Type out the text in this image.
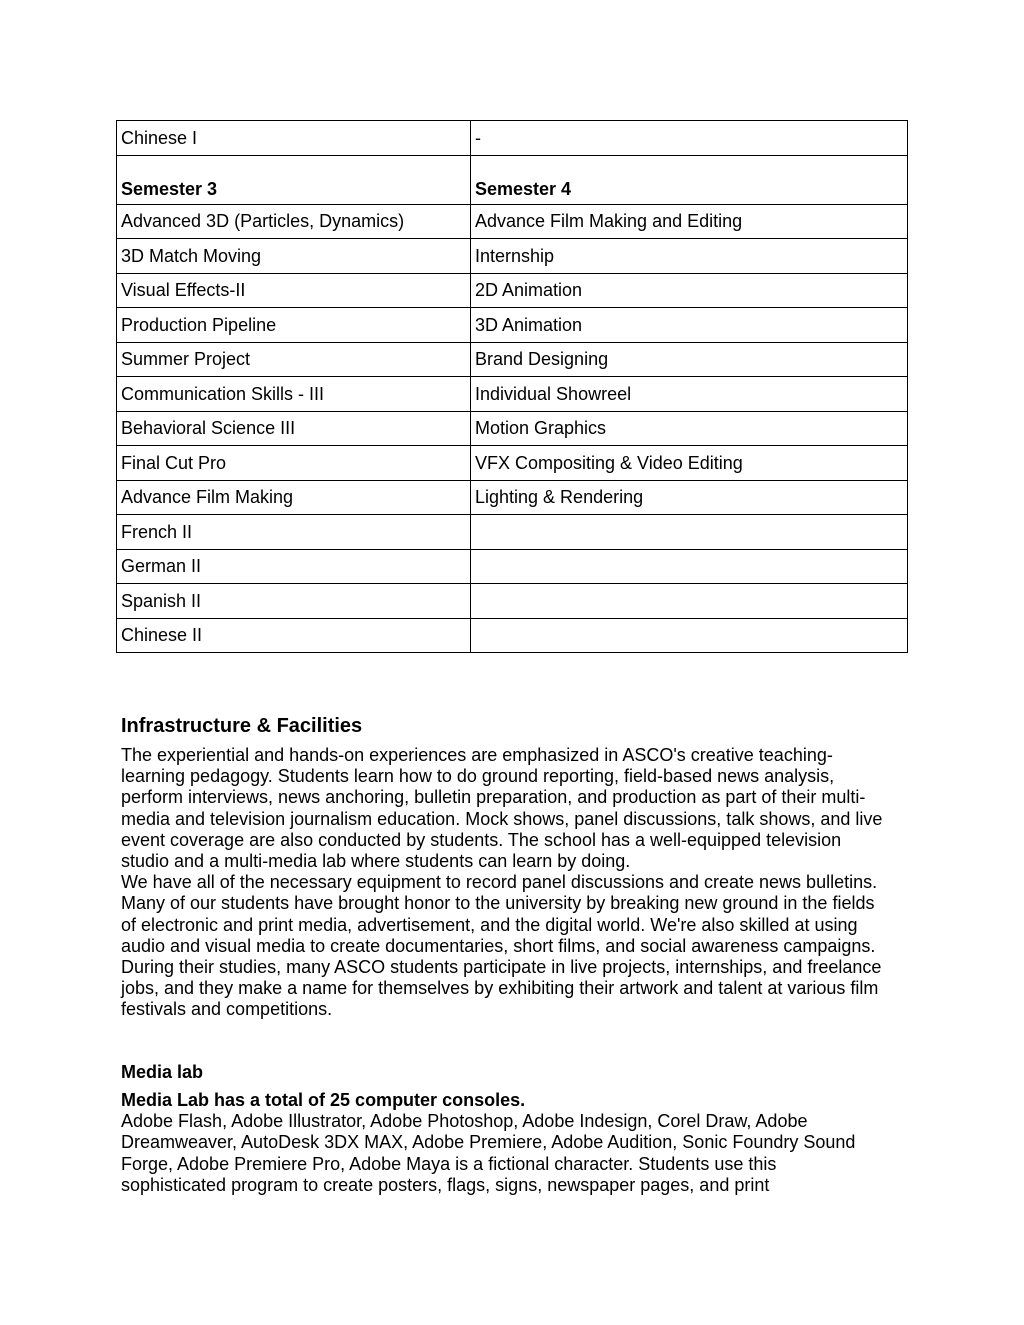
Chinese I	-
Semester 3	Semester 4
Advanced 3D (Particles, Dynamics)	Advance Film Making and Editing
3D Match Moving	Internship
Visual Effects-II	2D Animation
Production Pipeline	3D Animation
Summer Project	Brand Designing
Communication Skills - III	Individual Showreel
Behavioral Science III	Motion Graphics
Final Cut Pro	VFX Compositing & Video Editing
Advance Film Making	Lighting & Rendering
French II	
German II	
Spanish II	
Chinese II	
Infrastructure & Facilities
The experiential and hands-on experiences are emphasized in ASCO's creative teaching-
learning pedagogy. Students learn how to do ground reporting, field-based news analysis,
perform interviews, news anchoring, bulletin preparation, and production as part of their multi-
media and television journalism education. Mock shows, panel discussions, talk shows, and live
event coverage are also conducted by students. The school has a well-equipped television
studio and a multi-media lab where students can learn by doing.
We have all of the necessary equipment to record panel discussions and create news bulletins.
Many of our students have brought honor to the university by breaking new ground in the fields
of electronic and print media, advertisement, and the digital world. We're also skilled at using
audio and visual media to create documentaries, short films, and social awareness campaigns.
During their studies, many ASCO students participate in live projects, internships, and freelance
jobs, and they make a name for themselves by exhibiting their artwork and talent at various film
festivals and competitions.
Media lab
Media Lab has a total of 25 computer consoles.
Adobe Flash, Adobe Illustrator, Adobe Photoshop, Adobe Indesign, Corel Draw, Adobe
Dreamweaver, AutoDesk 3DX MAX, Adobe Premiere, Adobe Audition, Sonic Foundry Sound
Forge, Adobe Premiere Pro, Adobe Maya is a fictional character. Students use this
sophisticated program to create posters, flags, signs, newspaper pages, and print
